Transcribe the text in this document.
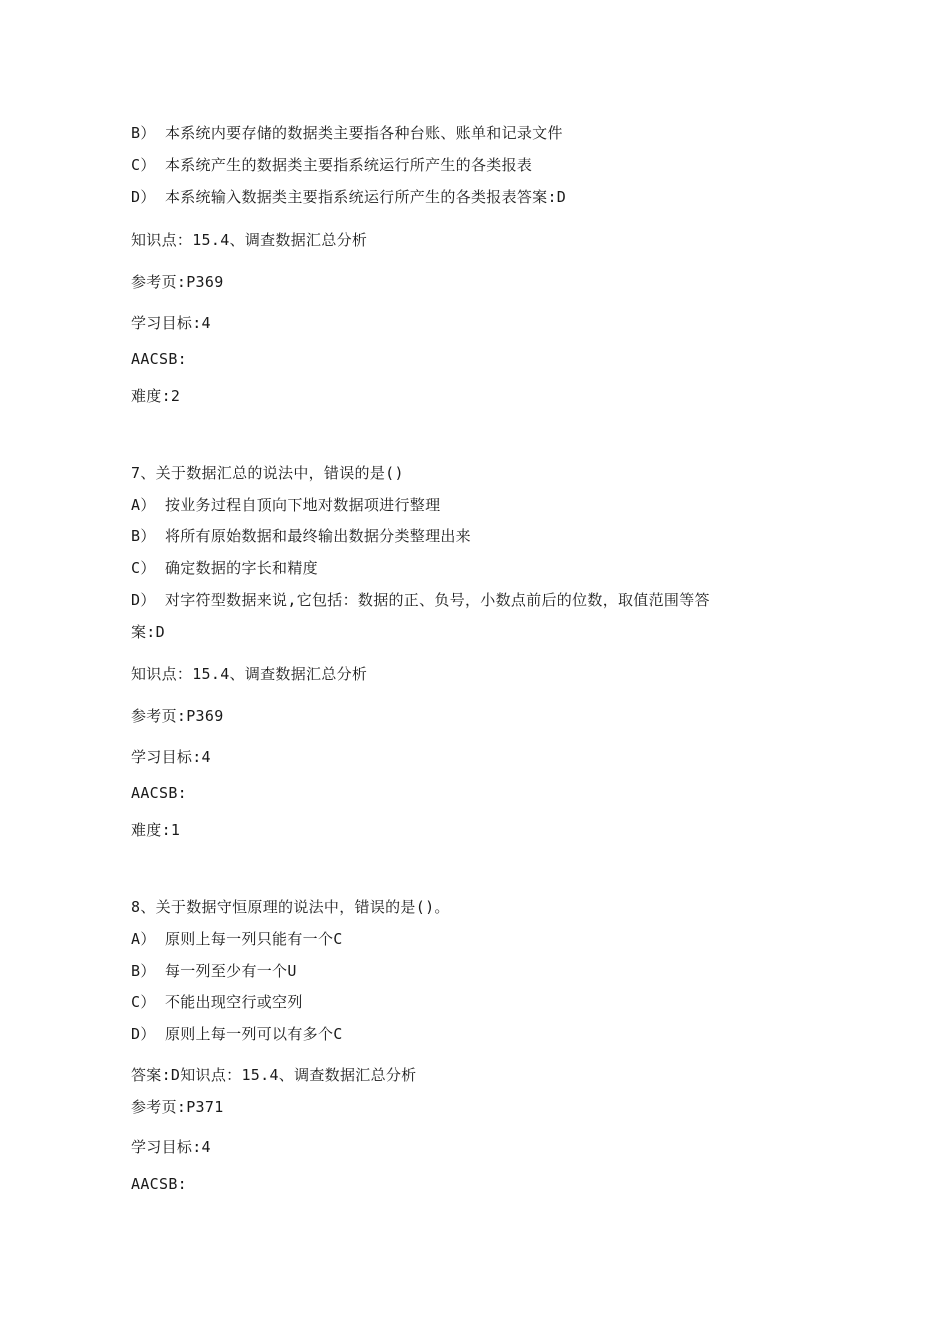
B） 本系统内要存储的数据类主要指各种台账、账单和记录文件
C） 本系统产生的数据类主要指系统运行所产生的各类报表
D） 本系统输入数据类主要指系统运行所产生的各类报表答案:D
知识点：15.4、调查数据汇总分析
参考页:P369
学习目标:4
AACSB:
难度:2
7、关于数据汇总的说法中，错误的是()
A） 按业务过程自顶向下地对数据项进行整理
B） 将所有原始数据和最终输出数据分类整理出来
C） 确定数据的字长和精度
D） 对字符型数据来说,它包括：数据的正、负号，小数点前后的位数，取值范围等答
案:D
知识点：15.4、调查数据汇总分析
参考页:P369
学习目标:4
AACSB:
难度:1
8、关于数据守恒原理的说法中，错误的是()。
A） 原则上每一列只能有一个C
B） 每一列至少有一个U
C） 不能出现空行或空列
D） 原则上每一列可以有多个C
答案:D知识点：15.4、调查数据汇总分析
参考页:P371
学习目标:4
AACSB:
